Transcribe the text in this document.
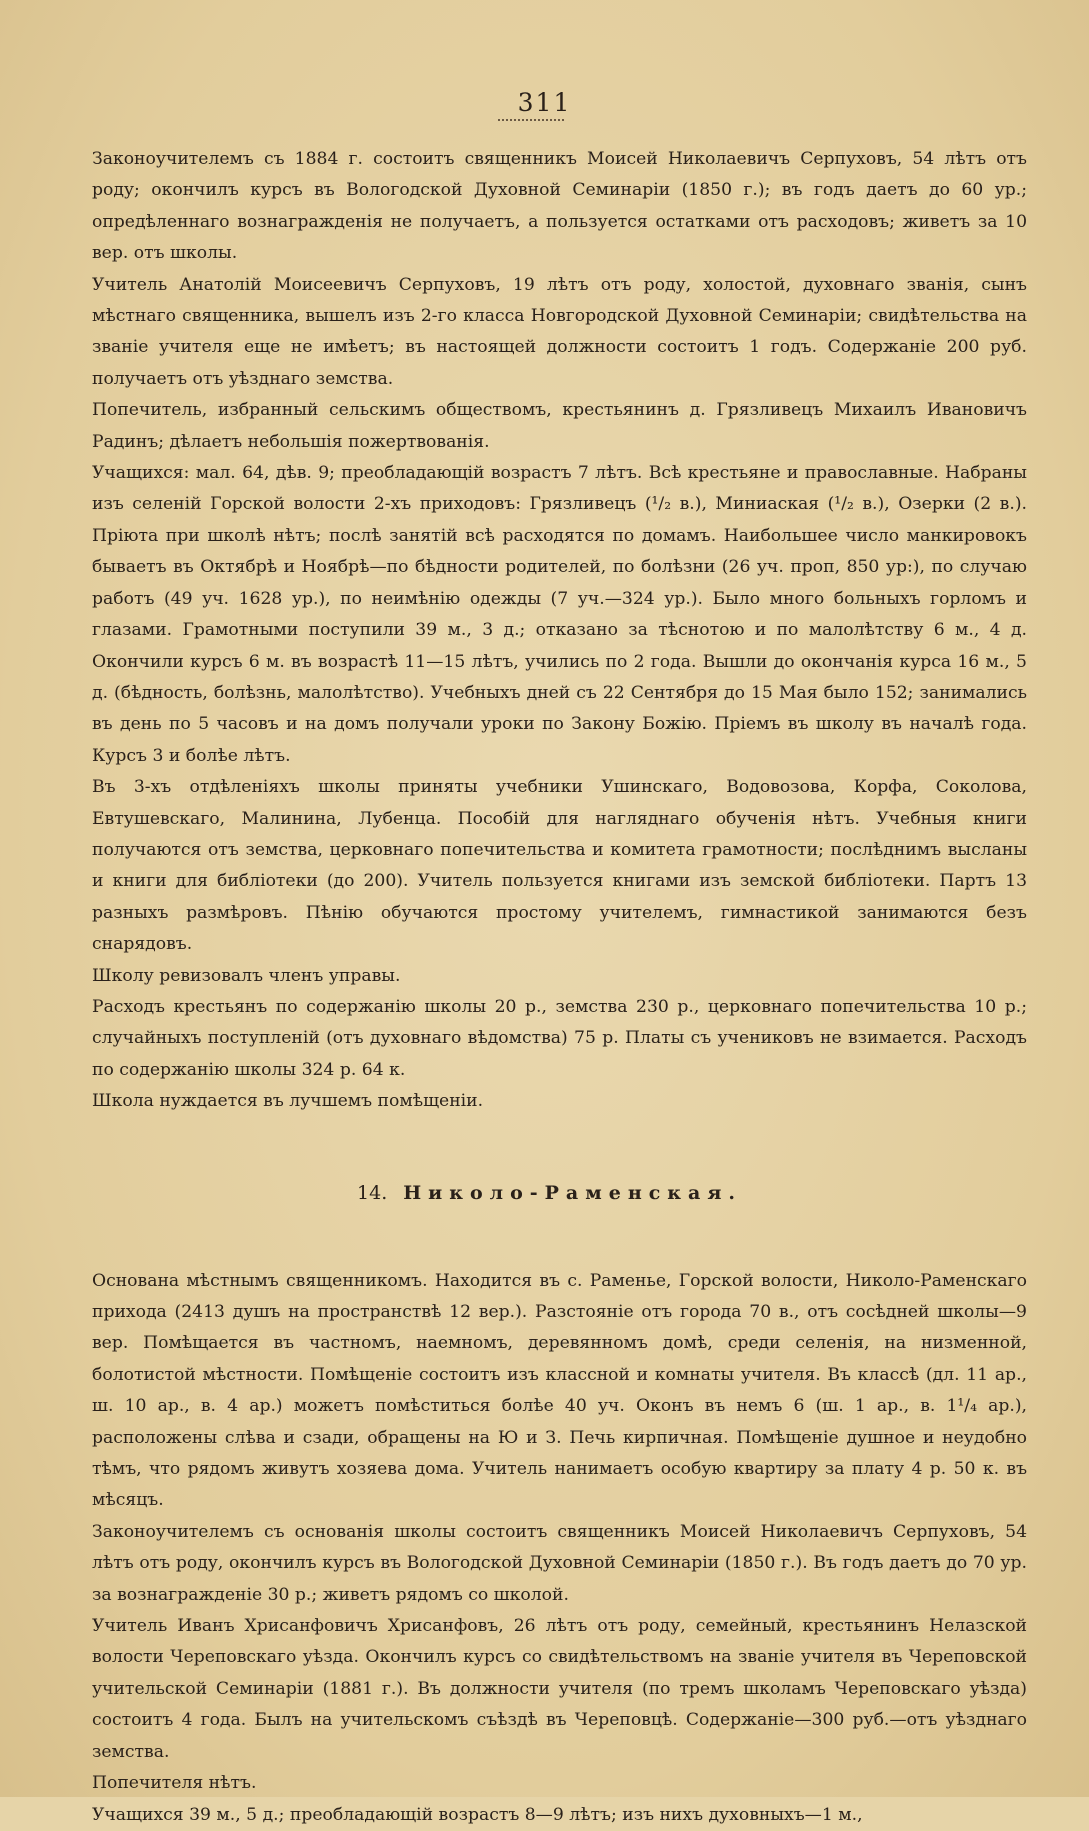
311

Законоучителемъ съ 1884 г. состоитъ священникъ Моисей Николаевичъ Серпуховъ, 54 лѣтъ отъ роду; окончилъ курсъ въ Вологодской Духовной Семинаріи (1850 г.); въ годъ даетъ до 60 ур.; опредѣленнаго вознагражденія не получаетъ, а пользуется остатками отъ расходовъ; живетъ за 10 вер. отъ школы.

Учитель Анатолій Моисеевичъ Серпуховъ, 19 лѣтъ отъ роду, холостой, духовнаго званія, сынъ мѣстнаго священника, вышелъ изъ 2-го класса Новгородской Духовной Семинаріи; свидѣтельства на званіе учителя еще не имѣетъ; въ настоящей должности состоитъ 1 годъ. Содержаніе 200 руб. получаетъ отъ уѣзднаго земства.

Попечитель, избранный сельскимъ обществомъ, крестьянинъ д. Грязливецъ Михаилъ Ивановичъ Радинъ; дѣлаетъ небольшія пожертвованія.

Учащихся: мал. 64, дѣв. 9; преобладающій возрастъ 7 лѣтъ. Всѣ крестьяне и православные. Набраны изъ селеній Горской волости 2-хъ приходовъ: Грязливецъ (¹/₂ в.), Миниаская (¹/₂ в.), Озерки (2 в.). Пріюта при школѣ нѣтъ; послѣ занятій всѣ расходятся по домамъ. Наибольшее число манкировокъ бываетъ въ Октябрѣ и Ноябрѣ—по бѣдности родителей, по болѣзни (26 уч. проп, 850 ур:), по случаю работъ (49 уч. 1628 ур.), по неимѣнію одежды (7 уч.—324 ур.). Было много больныхъ горломъ и глазами. Грамотными поступили 39 м., 3 д.; отказано за тѣснотою и по малолѣтству 6 м., 4 д. Окончили курсъ 6 м. въ возрастѣ 11—15 лѣтъ, учились по 2 года. Вышли до окончанія курса 16 м., 5 д. (бѣдность, болѣзнь, малолѣтство). Учебныхъ дней съ 22 Сентября до 15 Мая было 152; занимались въ день по 5 часовъ и на домъ получали уроки по Закону Божію. Пріемъ въ школу въ началѣ года. Курсъ 3 и болѣе лѣтъ.

Въ 3-хъ отдѣленіяхъ школы приняты учебники Ушинскаго, Водовозова, Корфа, Соколова, Евтушевскаго, Малинина, Лубенца. Пособій для нагляднаго обученія нѣтъ. Учебныя книги получаются отъ земства, церковнаго попечительства и комитета грамотности; послѣднимъ высланы и книги для библіотеки (до 200). Учитель пользуется книгами изъ земской библіотеки. Партъ 13 разныхъ размѣровъ. Пѣнію обучаются простому учителемъ, гимнастикой занимаются безъ снарядовъ.

Школу ревизовалъ членъ управы.

Расходъ крестьянъ по содержанію школы 20 р., земства 230 р., церковнаго попечительства 10 р.; случайныхъ поступленій (отъ духовнаго вѣдомства) 75 р. Платы съ учениковъ не взимается. Расходъ по содержанію школы 324 р. 64 к.

Школа нуждается въ лучшемъ помѣщеніи.

14. Николо-Раменская.

Основана мѣстнымъ священникомъ. Находится въ с. Раменье, Горской волости, Николо-Раменскаго прихода (2413 душъ на пространствѣ 12 вер.). Разстояніе отъ города 70 в., отъ сосѣдней школы—9 вер. Помѣщается въ частномъ, наемномъ, деревянномъ домѣ, среди селенія, на низменной, болотистой мѣстности. Помѣщеніе состоитъ изъ классной и комнаты учителя. Въ классѣ (дл. 11 ар., ш. 10 ар., в. 4 ар.) можетъ помѣститься болѣе 40 уч. Оконъ въ немъ 6 (ш. 1 ар., в. 1¹/₄ ар.), расположены слѣва и сзади, обращены на Ю и З. Печь кирпичная. Помѣщеніе душное и неудобно тѣмъ, что рядомъ живутъ хозяева дома. Учитель нанимаетъ особую квартиру за плату 4 р. 50 к. въ мѣсяцъ.

Законоучителемъ съ основанія школы состоитъ священникъ Моисей Николаевичъ Серпуховъ, 54 лѣтъ отъ роду, окончилъ курсъ въ Вологодской Духовной Семинаріи (1850 г.). Въ годъ даетъ до 70 ур. за вознагражденіе 30 р.; живетъ рядомъ со школой.

Учитель Иванъ Хрисанфовичъ Хрисанфовъ, 26 лѣтъ отъ роду, семейный, крестьянинъ Нелазской волости Череповскаго уѣзда. Окончилъ курсъ со свидѣтельствомъ на званіе учителя въ Череповской учительской Семинаріи (1881 г.). Въ должности учителя (по тремъ школамъ Череповскаго уѣзда) состоитъ 4 года. Былъ на учительскомъ съѣздѣ въ Череповцѣ. Содержаніе—300 руб.—отъ уѣзднаго земства.

Попечителя нѣтъ.

Учащихся 39 м., 5 д.; преобладающій возрастъ 8—9 лѣтъ; изъ нихъ духовныхъ—1 м.,
